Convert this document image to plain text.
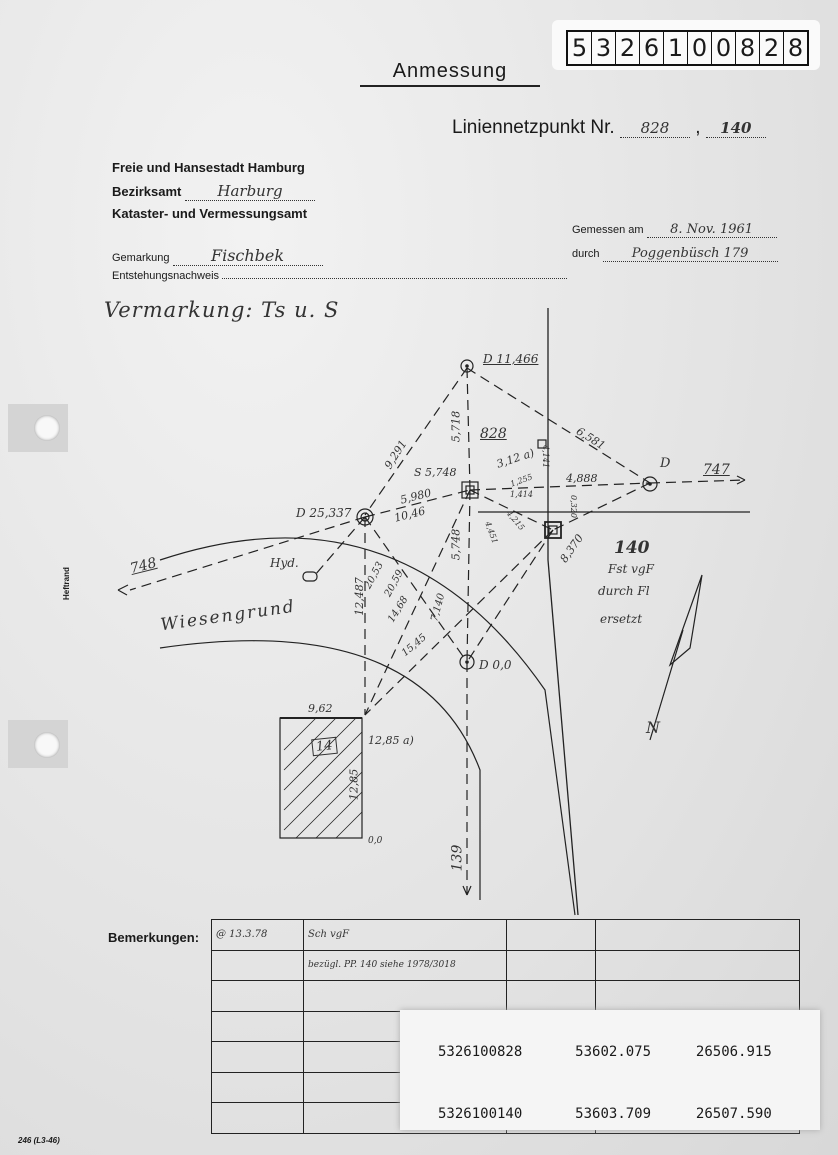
5 3 2 6 1 0 0 8 2 8
Anmessung
Liniennetzpunkt Nr. 828 , 140
Freie und Hansestadt Hamburg
Bezirksamt Harburg
Kataster- und Vermessungsamt
Gemarkung	Fischbek
Entstehungsnachweis
Gemessen am 8. Nov. 1961
durch Poggenbüsch 179
Vermarkung: Ts u. S
Heftrand
D 11,466
D 25,337
D
D 0,0
S 5,748
828
140
747
748
139
Hyd.
Wiesengrund
14
Fst vgF
durch Fl
ersetzt
N
9,291
5,718	6,581
3,12 a)
4,888
5,980
10,46
5,748	8,370
12,487
20,53
20,59
14,68 7,140
15,45
9,62
12,85 a)
12,85
0,0
1,255
1,414
4,141
0,320
4,215
4,451
Bemerkungen: @ 13.3.78	Sch vgF		
	bezügl. PP. 140 siehe 1978/3018		

5326100828	53602.075	26506.915
5326100140	53603.709	26507.590
246 (L3-46)
